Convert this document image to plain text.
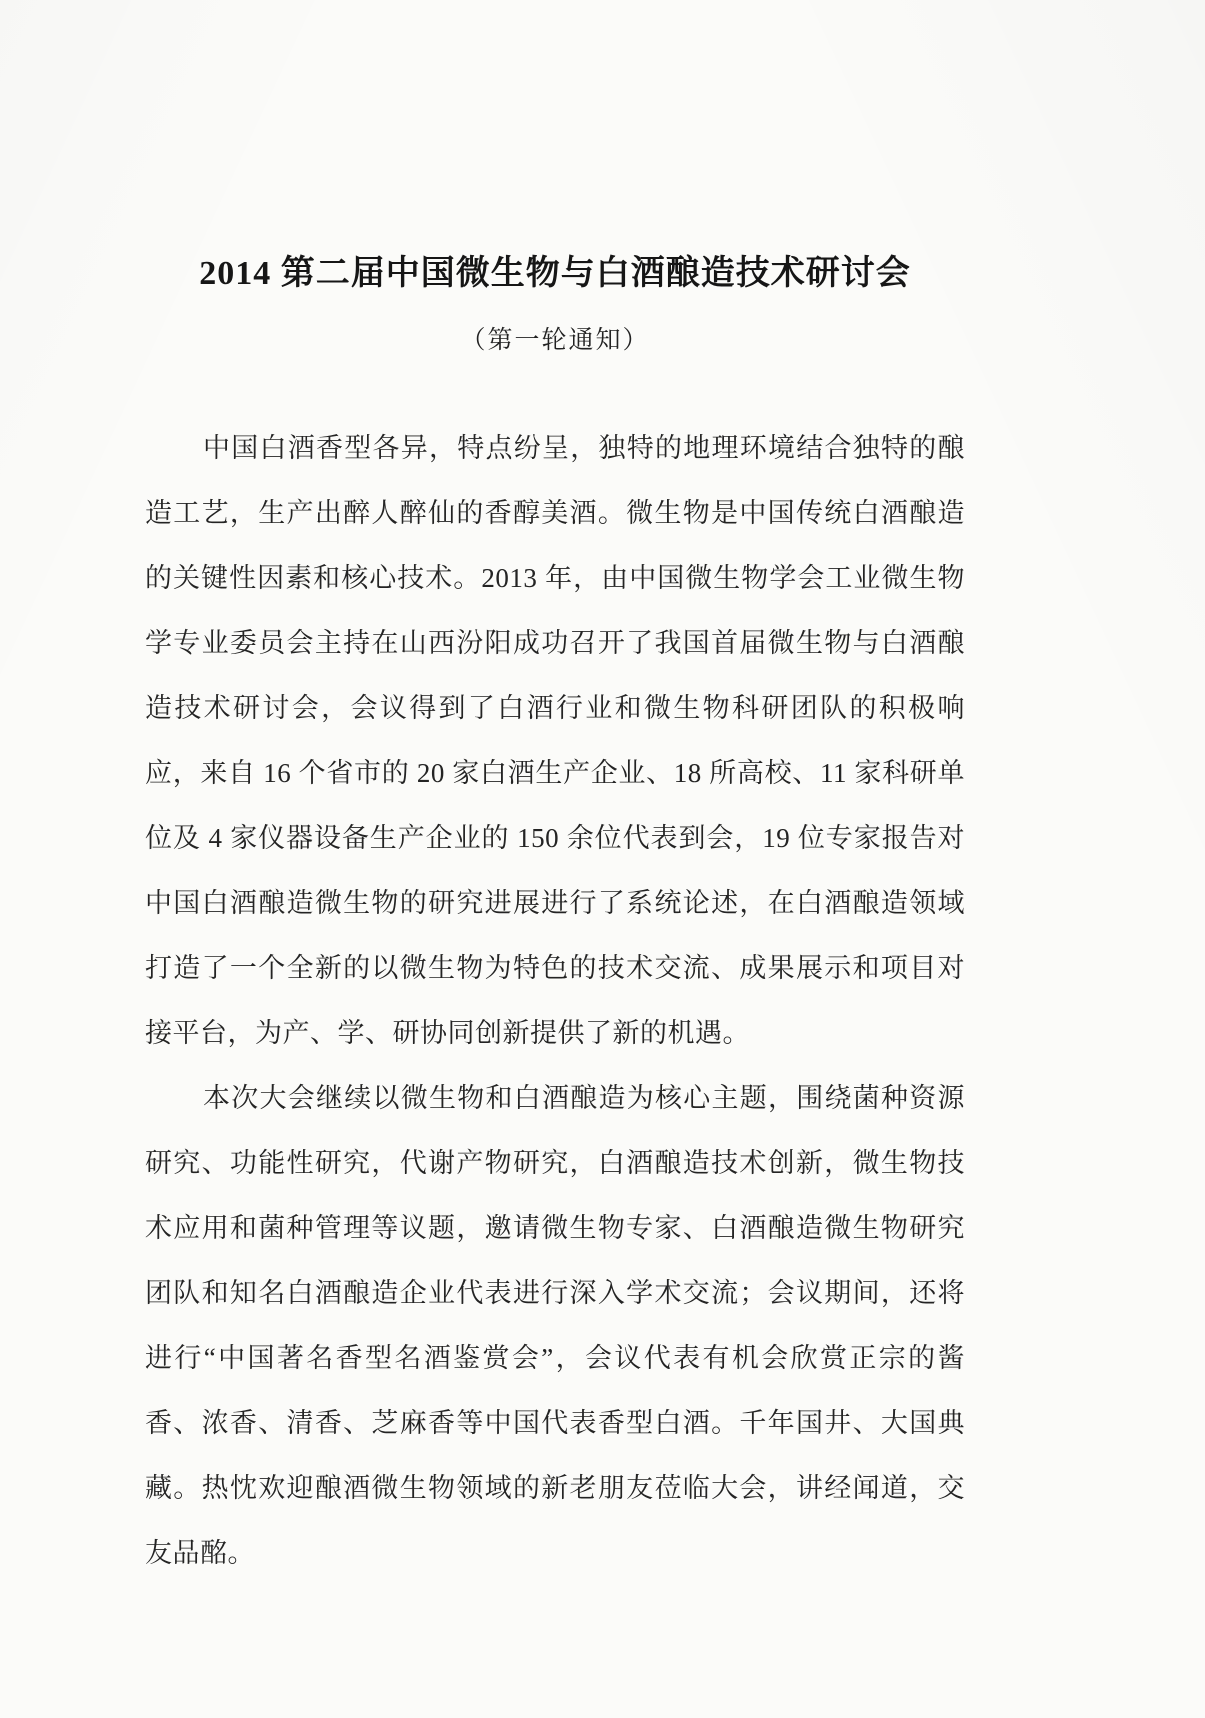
2014 第二届中国微生物与白酒酿造技术研讨会
（第一轮通知）

中国白酒香型各异，特点纷呈，独特的地理环境结合独特的酿造工艺，生产出醉人醉仙的香醇美酒。微生物是中国传统白酒酿造的关键性因素和核心技术。2013 年，由中国微生物学会工业微生物学专业委员会主持在山西汾阳成功召开了我国首届微生物与白酒酿造技术研讨会，会议得到了白酒行业和微生物科研团队的积极响应，来自 16 个省市的 20 家白酒生产企业、18 所高校、11 家科研单位及 4 家仪器设备生产企业的 150 余位代表到会，19 位专家报告对中国白酒酿造微生物的研究进展进行了系统论述，在白酒酿造领域打造了一个全新的以微生物为特色的技术交流、成果展示和项目对接平台，为产、学、研协同创新提供了新的机遇。

本次大会继续以微生物和白酒酿造为核心主题，围绕菌种资源研究、功能性研究，代谢产物研究，白酒酿造技术创新，微生物技术应用和菌种管理等议题，邀请微生物专家、白酒酿造微生物研究团队和知名白酒酿造企业代表进行深入学术交流；会议期间，还将进行“中国著名香型名酒鉴赏会”，会议代表有机会欣赏正宗的酱香、浓香、清香、芝麻香等中国代表香型白酒。千年国井、大国典藏。热忱欢迎酿酒微生物领域的新老朋友莅临大会，讲经闻道，交友品酩。
